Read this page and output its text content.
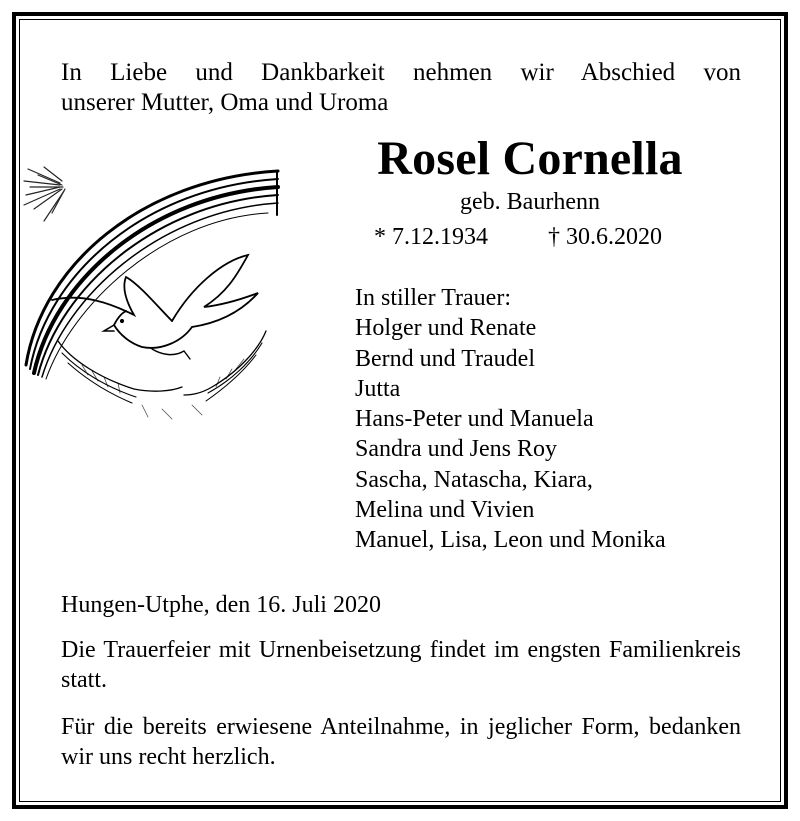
In Liebe und Dankbarkeit nehmen wir Abschied von
unserer Mutter, Oma und Uroma
Rosel Cornella
geb. Baurhenn
* 7.12.1934	† 30.6.2020
In stiller Trauer:
Holger und Renate
Bernd und Traudel
Jutta
Hans-Peter und Manuela
Sandra und Jens Roy
Sascha, Natascha, Kiara,
Melina und Vivien
Manuel, Lisa, Leon und Monika
Hungen-Utphe, den 16. Juli 2020
Die Trauerfeier mit Urnenbeisetzung findet im engsten Familienkreis statt.
Für die bereits erwiesene Anteilnahme, in jeglicher Form, bedanken wir uns recht herzlich.
